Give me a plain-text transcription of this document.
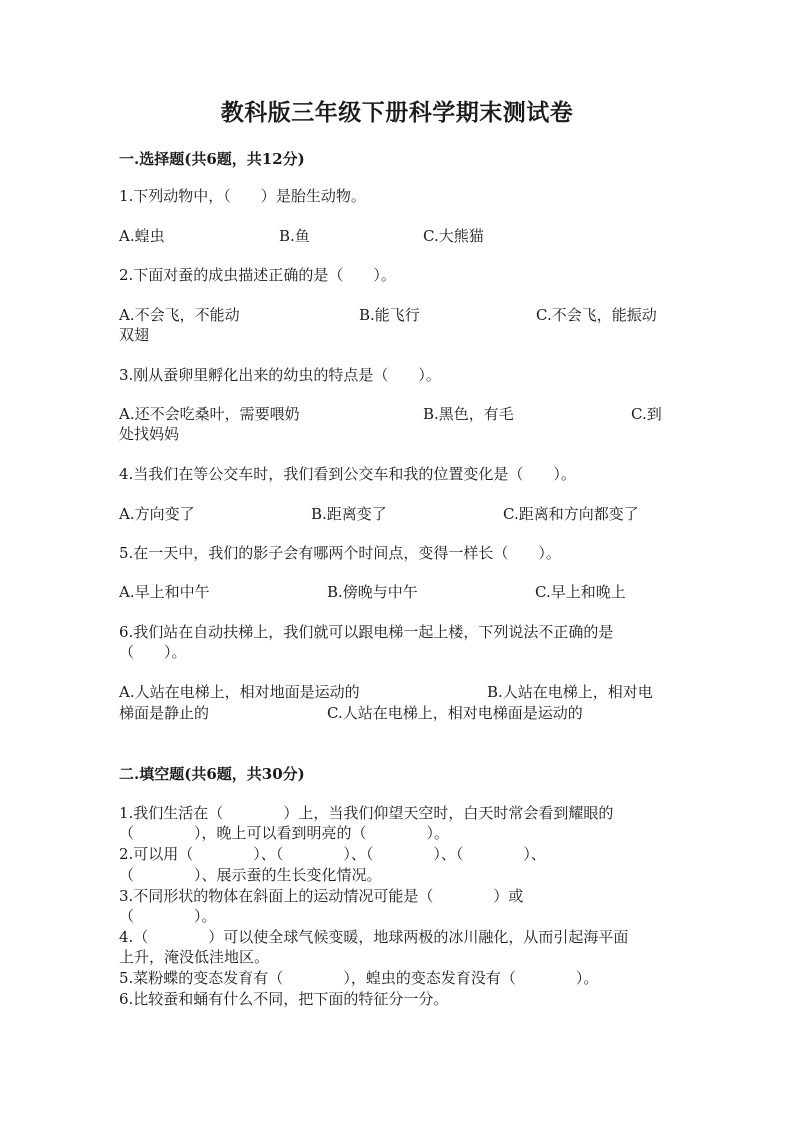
教科版三年级下册科学期末测试卷
一.选择题(共6题，共12分)
1.下列动物中，（　　）是胎生动物。
A.蝗虫	B.鱼	C.大熊猫
2.下面对蚕的成虫描述正确的是（　　）。
A.不会飞，不能动	B.能飞行	C.不会飞，能振动
双翅
3.刚从蚕卵里孵化出来的幼虫的特点是（　　）。
A.还不会吃桑叶，需要喂奶	B.黑色，有毛	C.到
处找妈妈
4.当我们在等公交车时，我们看到公交车和我的位置变化是（　　）。
A.方向变了	B.距离变了	C.距离和方向都变了
5.在一天中，我们的影子会有哪两个时间点，变得一样长（　　）。
A.早上和中午	B.傍晚与中午	C.早上和晚上
6.我们站在自动扶梯上，我们就可以跟电梯一起上楼，下列说法不正确的是
（　　）。
A.人站在电梯上，相对地面是运动的	B.人站在电梯上，相对电
梯面是静止的	C.人站在电梯上，相对电梯面是运动的
二.填空题(共6题，共30分)
1.我们生活在（　　　　）上，当我们仰望天空时，白天时常会看到耀眼的
（　　　　），晚上可以看到明亮的（　　　　）。
2.可以用（　　　　）、（　　　　）、（　　　　）、（　　　　）、
（　　　　）、展示蚕的生长变化情况。
3.不同形状的物体在斜面上的运动情况可能是（　　　　）或
（　　　　）。
4.（　　　　）可以使全球气候变暖，地球两极的冰川融化，从而引起海平面
上升，淹没低洼地区。
5.菜粉蝶的变态发育有（　　　　），蝗虫的变态发育没有（　　　　）。
6.比较蚕和蛹有什么不同，把下面的特征分一分。
